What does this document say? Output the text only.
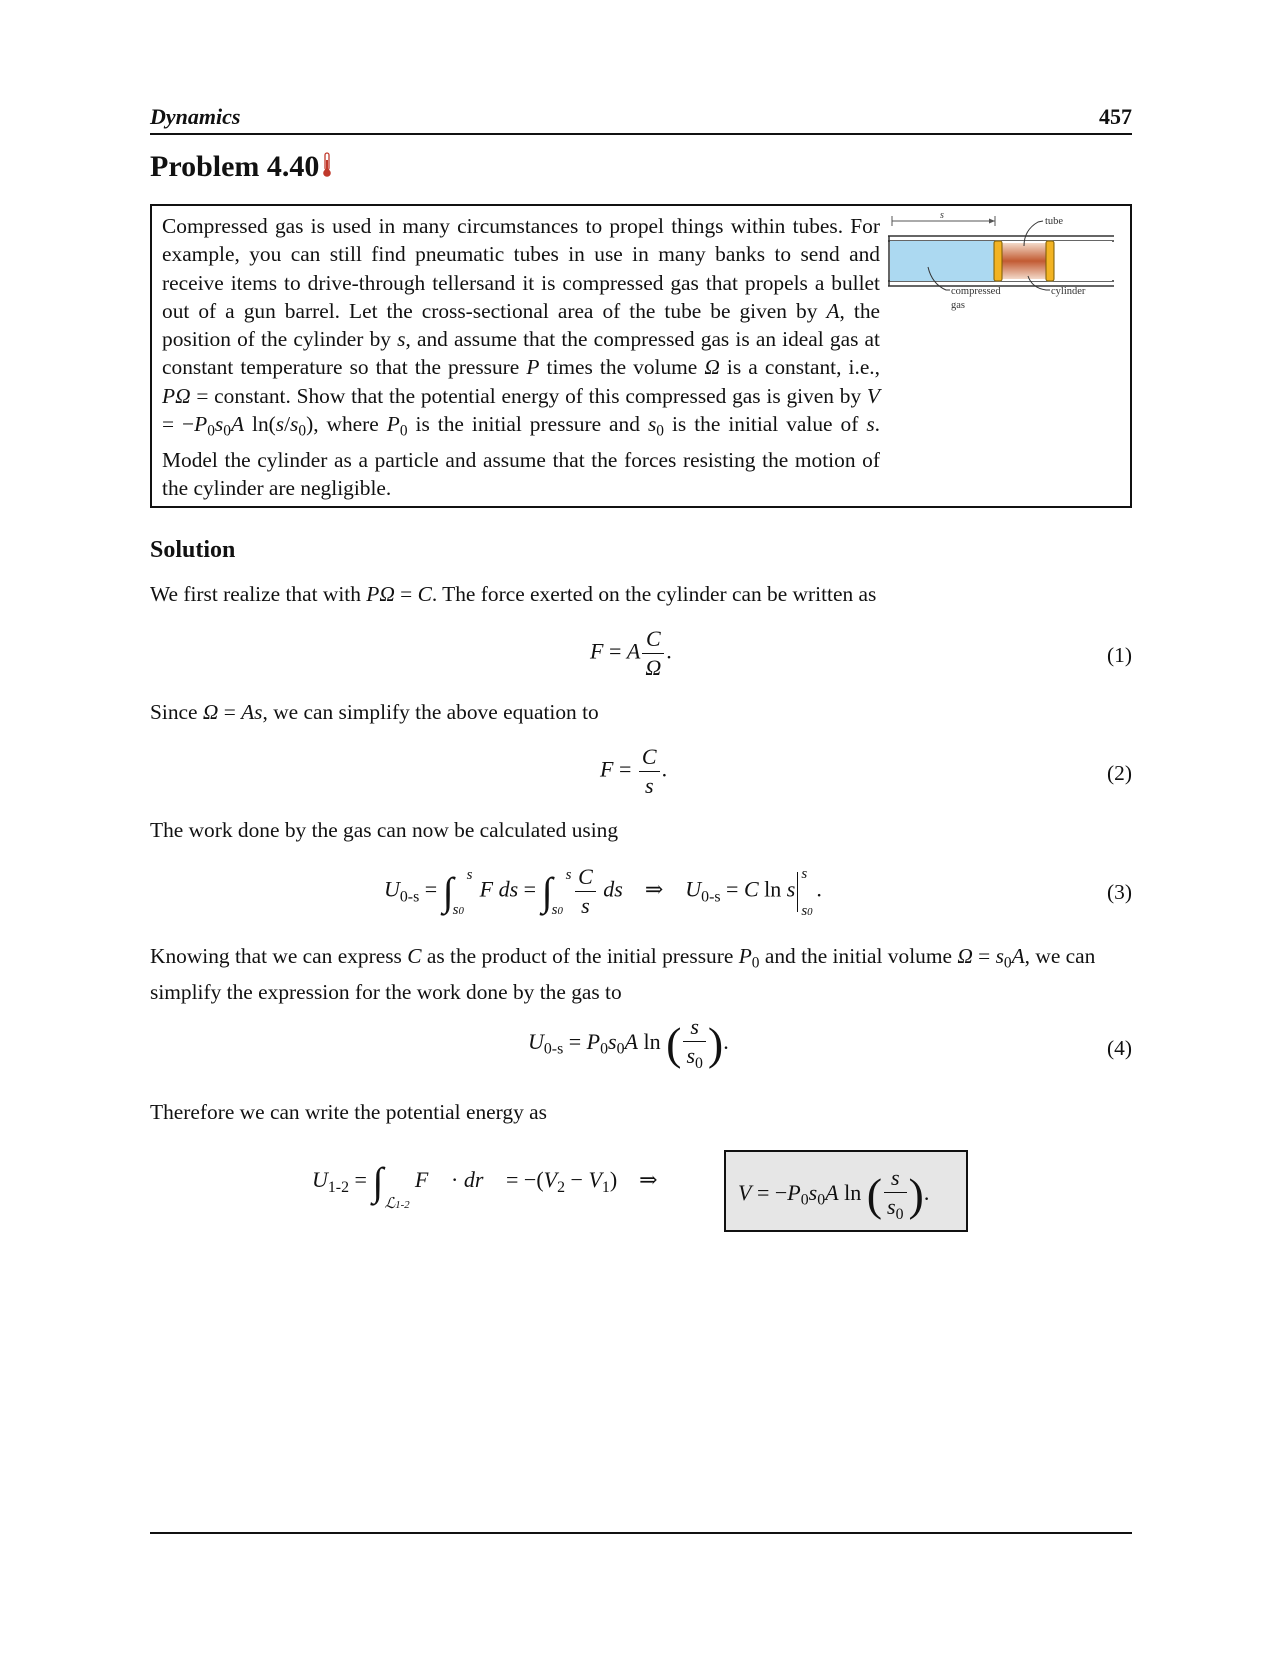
Dynamics	457
Problem 4.40

Compressed gas is used in many circumstances to propel things within tubes. For example, you can still find pneumatic tubes in use in many banks to send and receive items to drive-through tellersand it is compressed gas that propels a bullet out of a gun barrel. Let the cross-sectional area of the tube be given by A, the position of the cylinder by s, and assume that the compressed gas is an ideal gas at constant temperature so that the pressure P times the volume Ω is a constant, i.e., PΩ = constant. Show that the potential energy of this compressed gas is given by $V = -P_0s_0A$ $\ln(s/s_0)$, where $P_0$ is the initial pressure and $s_0$ is the initial value of s. Model the cylinder as a particle and assume that the forces resisting the motion of the cylinder are negligible.

s
tube
compressed
gas
cylinder
Solution
We first realize that with PΩ = C. The force exerted on the cylinder can be written as
F = A $\frac{C}{\Omega}$ .	(1)
Since Ω = As, we can simplify the above equation to
$F = \frac{C}{s}$ .	(2)
The work done by the gas can now be calculated using
$U_{0-s}$ = ∫ s
s0
F ds = ∫ s
s0
$\frac{C}{s}$ ds    ⇒    $U_{0-s} = C$ ln s
s
s0
.	(3)
Knowing that we can express C as the product of the initial pressure $P_0$ and the initial volume $\Omega = s_0A$, we can simplify the expression for the work done by the gas to
$U_{0-s} = P_0s_0A$ ln ( $\frac{s}{s_0}$ ).	(4)
Therefore we can write the potential energy as
$U_{1-2}$ = ∫ ℒ1-2
F⃗ · dr⃗ = $-(V_2 - V_1)$    ⇒
$V = -P_0s_0A$ ln ( $\frac{s}{s_0}$ ).
